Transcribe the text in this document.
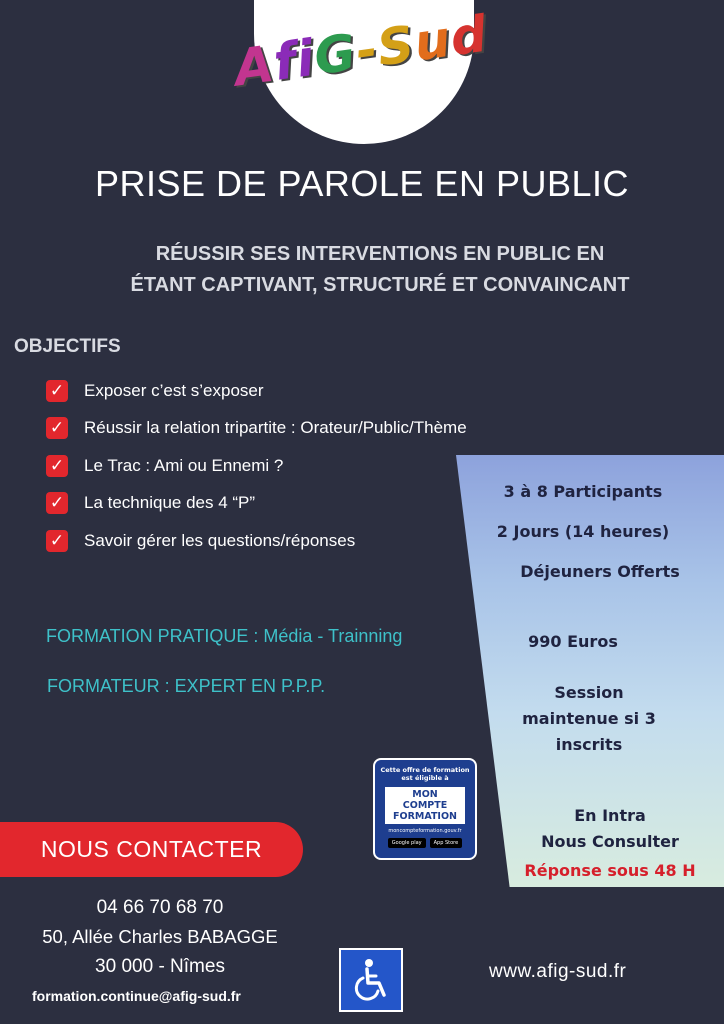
AfiG-Sud
PRISE DE PAROLE EN PUBLIC
RÉUSSIR SES INTERVENTIONS EN PUBLIC EN
ÉTANT CAPTIVANT, STRUCTURÉ ET CONVAINCANT
OBJECTIFS
✓ Exposer c’est s’exposer
✓ Réussir la relation tripartite : Orateur/Public/Thème
✓ Le Trac : Ami ou Ennemi ?
✓ La technique des 4 “P”
✓ Savoir gérer les questions/réponses
3 à 8 Participants
2 Jours (14 heures)
Déjeuners Offerts
990 Euros
Session
maintenue si 3
inscrits
En Intra
Nous Consulter
Réponse sous 48 H
FORMATION PRATIQUE : Média - Trainning
FORMATEUR : EXPERT EN P.P.P.
Cette offre de formation
est éligible à
MON
COMPTE
FORMATION
moncompteformation.gouv.fr
Google play	App Store
NOUS CONTACTER
04 66 70 68 70
50, Allée Charles BABAGGE
30 000 - Nîmes
formation.continue@afig-sud.fr
www.afig-sud.fr
